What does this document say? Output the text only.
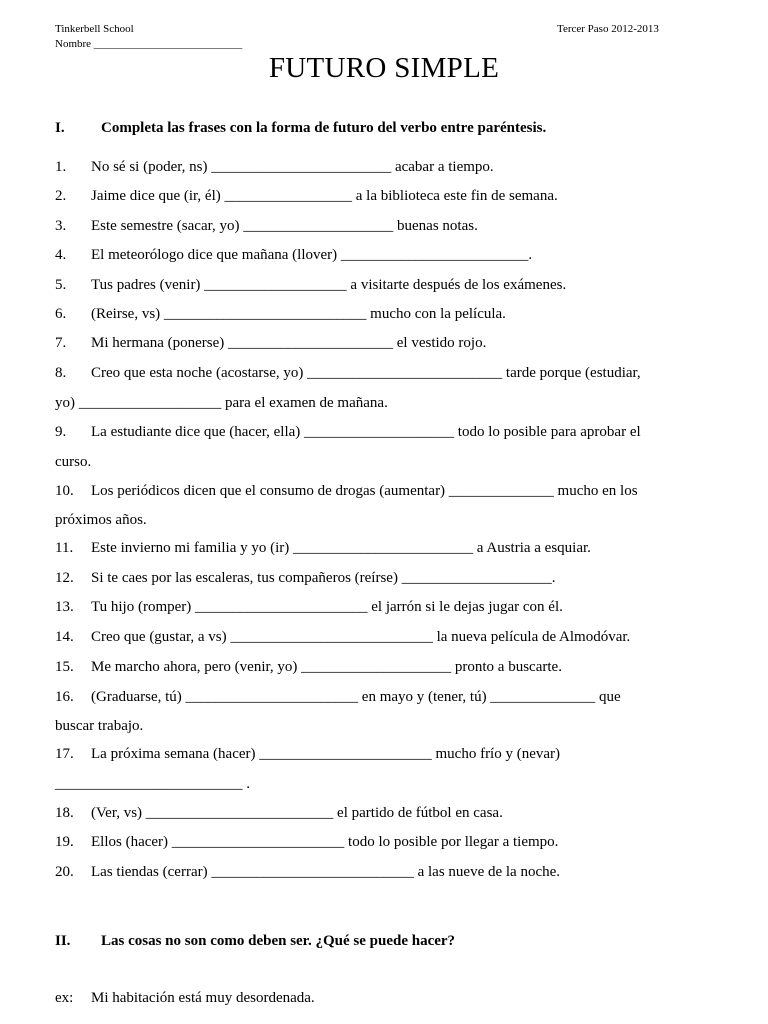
Tinkerbell School	Tercer Paso 2012-2013
Nombre ___________________________
FUTURO SIMPLE
I. Completa las frases con la forma de futuro del verbo entre paréntesis.
1. No sé si (poder, ns) ________________________ acabar a tiempo.
2. Jaime dice que (ir, él) _________________ a la biblioteca este fin de semana.
3. Este semestre (sacar, yo) ____________________ buenas notas.
4. El meteorólogo dice que mañana (llover) _________________________.
5. Tus padres (venir) ___________________ a visitarte después de los exámenes.
6. (Reirse, vs) ___________________________ mucho con la película.
7. Mi hermana (ponerse) ______________________ el vestido rojo.
8. Creo que esta noche (acostarse, yo) __________________________ tarde porque (estudiar,
yo) ___________________ para el examen de mañana.
9. La estudiante dice que (hacer, ella) ____________________ todo lo posible para aprobar el
curso.
10. Los periódicos dicen que el consumo de drogas (aumentar) ______________ mucho en los
próximos años.
11. Este invierno mi familia y yo (ir) ________________________ a Austria a esquiar.
12. Si te caes por las escaleras, tus compañeros (reírse) ____________________.
13. Tu hijo (romper) _______________________ el jarrón si le dejas jugar con él.
14. Creo que (gustar, a vs) ___________________________ la nueva película de Almodóvar.
15. Me marcho ahora, pero (venir, yo) ____________________ pronto a buscarte.
16. (Graduarse, tú) _______________________ en mayo y (tener, tú) ______________ que
buscar trabajo.
17. La próxima semana (hacer) _______________________ mucho frío y (nevar)
_________________________ .
18. (Ver, vs) _________________________ el partido de fútbol en casa.
19. Ellos (hacer) _______________________ todo lo posible por llegar a tiempo.
20. Las tiendas (cerrar) ___________________________ a las nueve de la noche.
II. Las cosas no son como deben ser. ¿Qué se puede hacer?
ex: Mi habitación está muy desordenada.
